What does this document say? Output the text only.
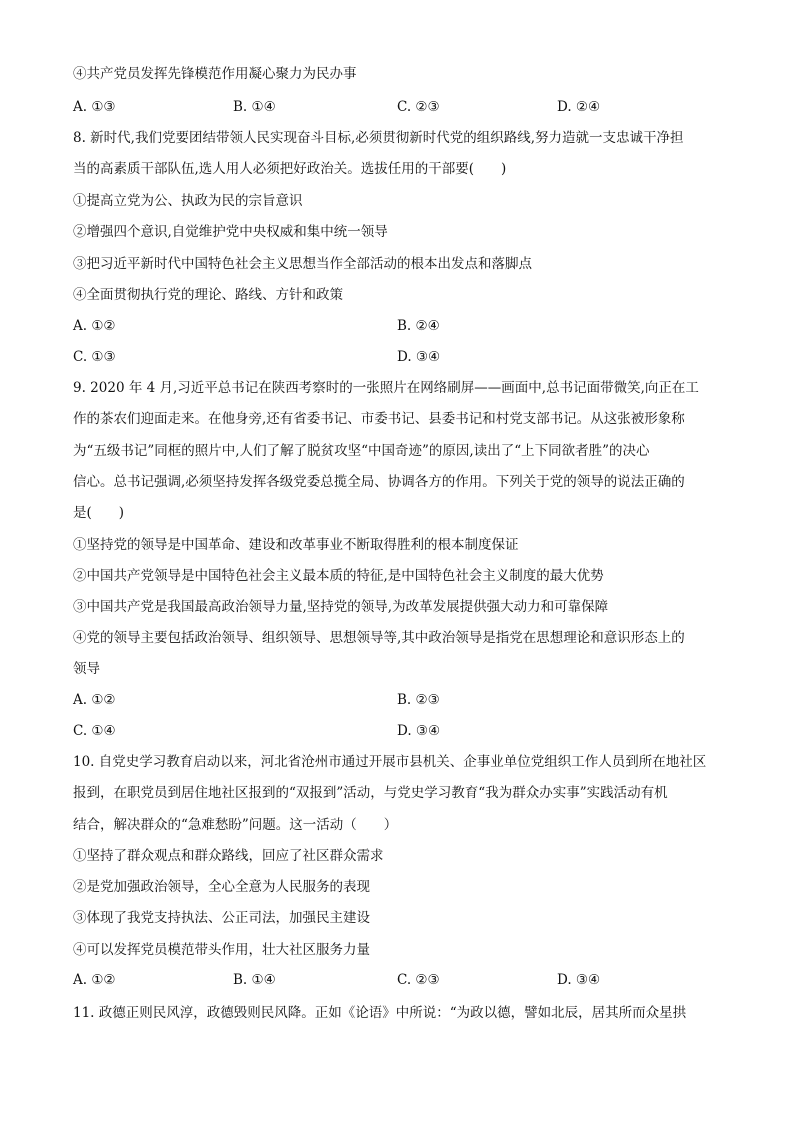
④共产党员发挥先锋模范作用凝心聚力为民办事
A. ①③	B. ①④	C. ②③	D. ②④
8. 新时代,我们党要团结带领人民实现奋斗目标,必须贯彻新时代党的组织路线,努力造就一支忠诚干净担
当的高素质干部队伍,选人用人必须把好政治关。选拔任用的干部要(　　)
①提高立党为公、执政为民的宗旨意识
②增强四个意识,自觉维护党中央权威和集中统一领导
③把习近平新时代中国特色社会主义思想当作全部活动的根本出发点和落脚点
④全面贯彻执行党的理论、路线、方针和政策
A. ①②	B. ②④
C. ①③	D. ③④
9. 2020 年 4 月,习近平总书记在陕西考察时的一张照片在网络刷屏——画面中,总书记面带微笑,向正在工
作的茶农们迎面走来。在他身旁,还有省委书记、市委书记、县委书记和村党支部书记。从这张被形象称
为“五级书记”同框的照片中,人们了解了脱贫攻坚“中国奇迹”的原因,读出了“上下同欲者胜”的决心
信心。总书记强调,必须坚持发挥各级党委总揽全局、协调各方的作用。下列关于党的领导的说法正确的
是(　　)
①坚持党的领导是中国革命、建设和改革事业不断取得胜利的根本制度保证
②中国共产党领导是中国特色社会主义最本质的特征,是中国特色社会主义制度的最大优势
③中国共产党是我国最高政治领导力量,坚持党的领导,为改革发展提供强大动力和可靠保障
④党的领导主要包括政治领导、组织领导、思想领导等,其中政治领导是指党在思想理论和意识形态上的
领导
A. ①②	B. ②③
C. ①④	D. ③④
10. 自党史学习教育启动以来，河北省沧州市通过开展市县机关、企事业单位党组织工作人员到所在地社区
报到，在职党员到居住地社区报到的“双报到”活动，与党史学习教育“我为群众办实事”实践活动有机
结合，解决群众的“急难愁盼”问题。这一活动（　　）
①坚持了群众观点和群众路线，回应了社区群众需求
②是党加强政治领导，全心全意为人民服务的表现
③体现了我党支持执法、公正司法，加强民主建设
④可以发挥党员模范带头作用，壮大社区服务力量
A. ①②	B. ①④	C. ②③	D. ③④
11. 政德正则民风淳，政德毁则民风降。正如《论语》中所说：“为政以德，譬如北辰，居其所而众星拱
